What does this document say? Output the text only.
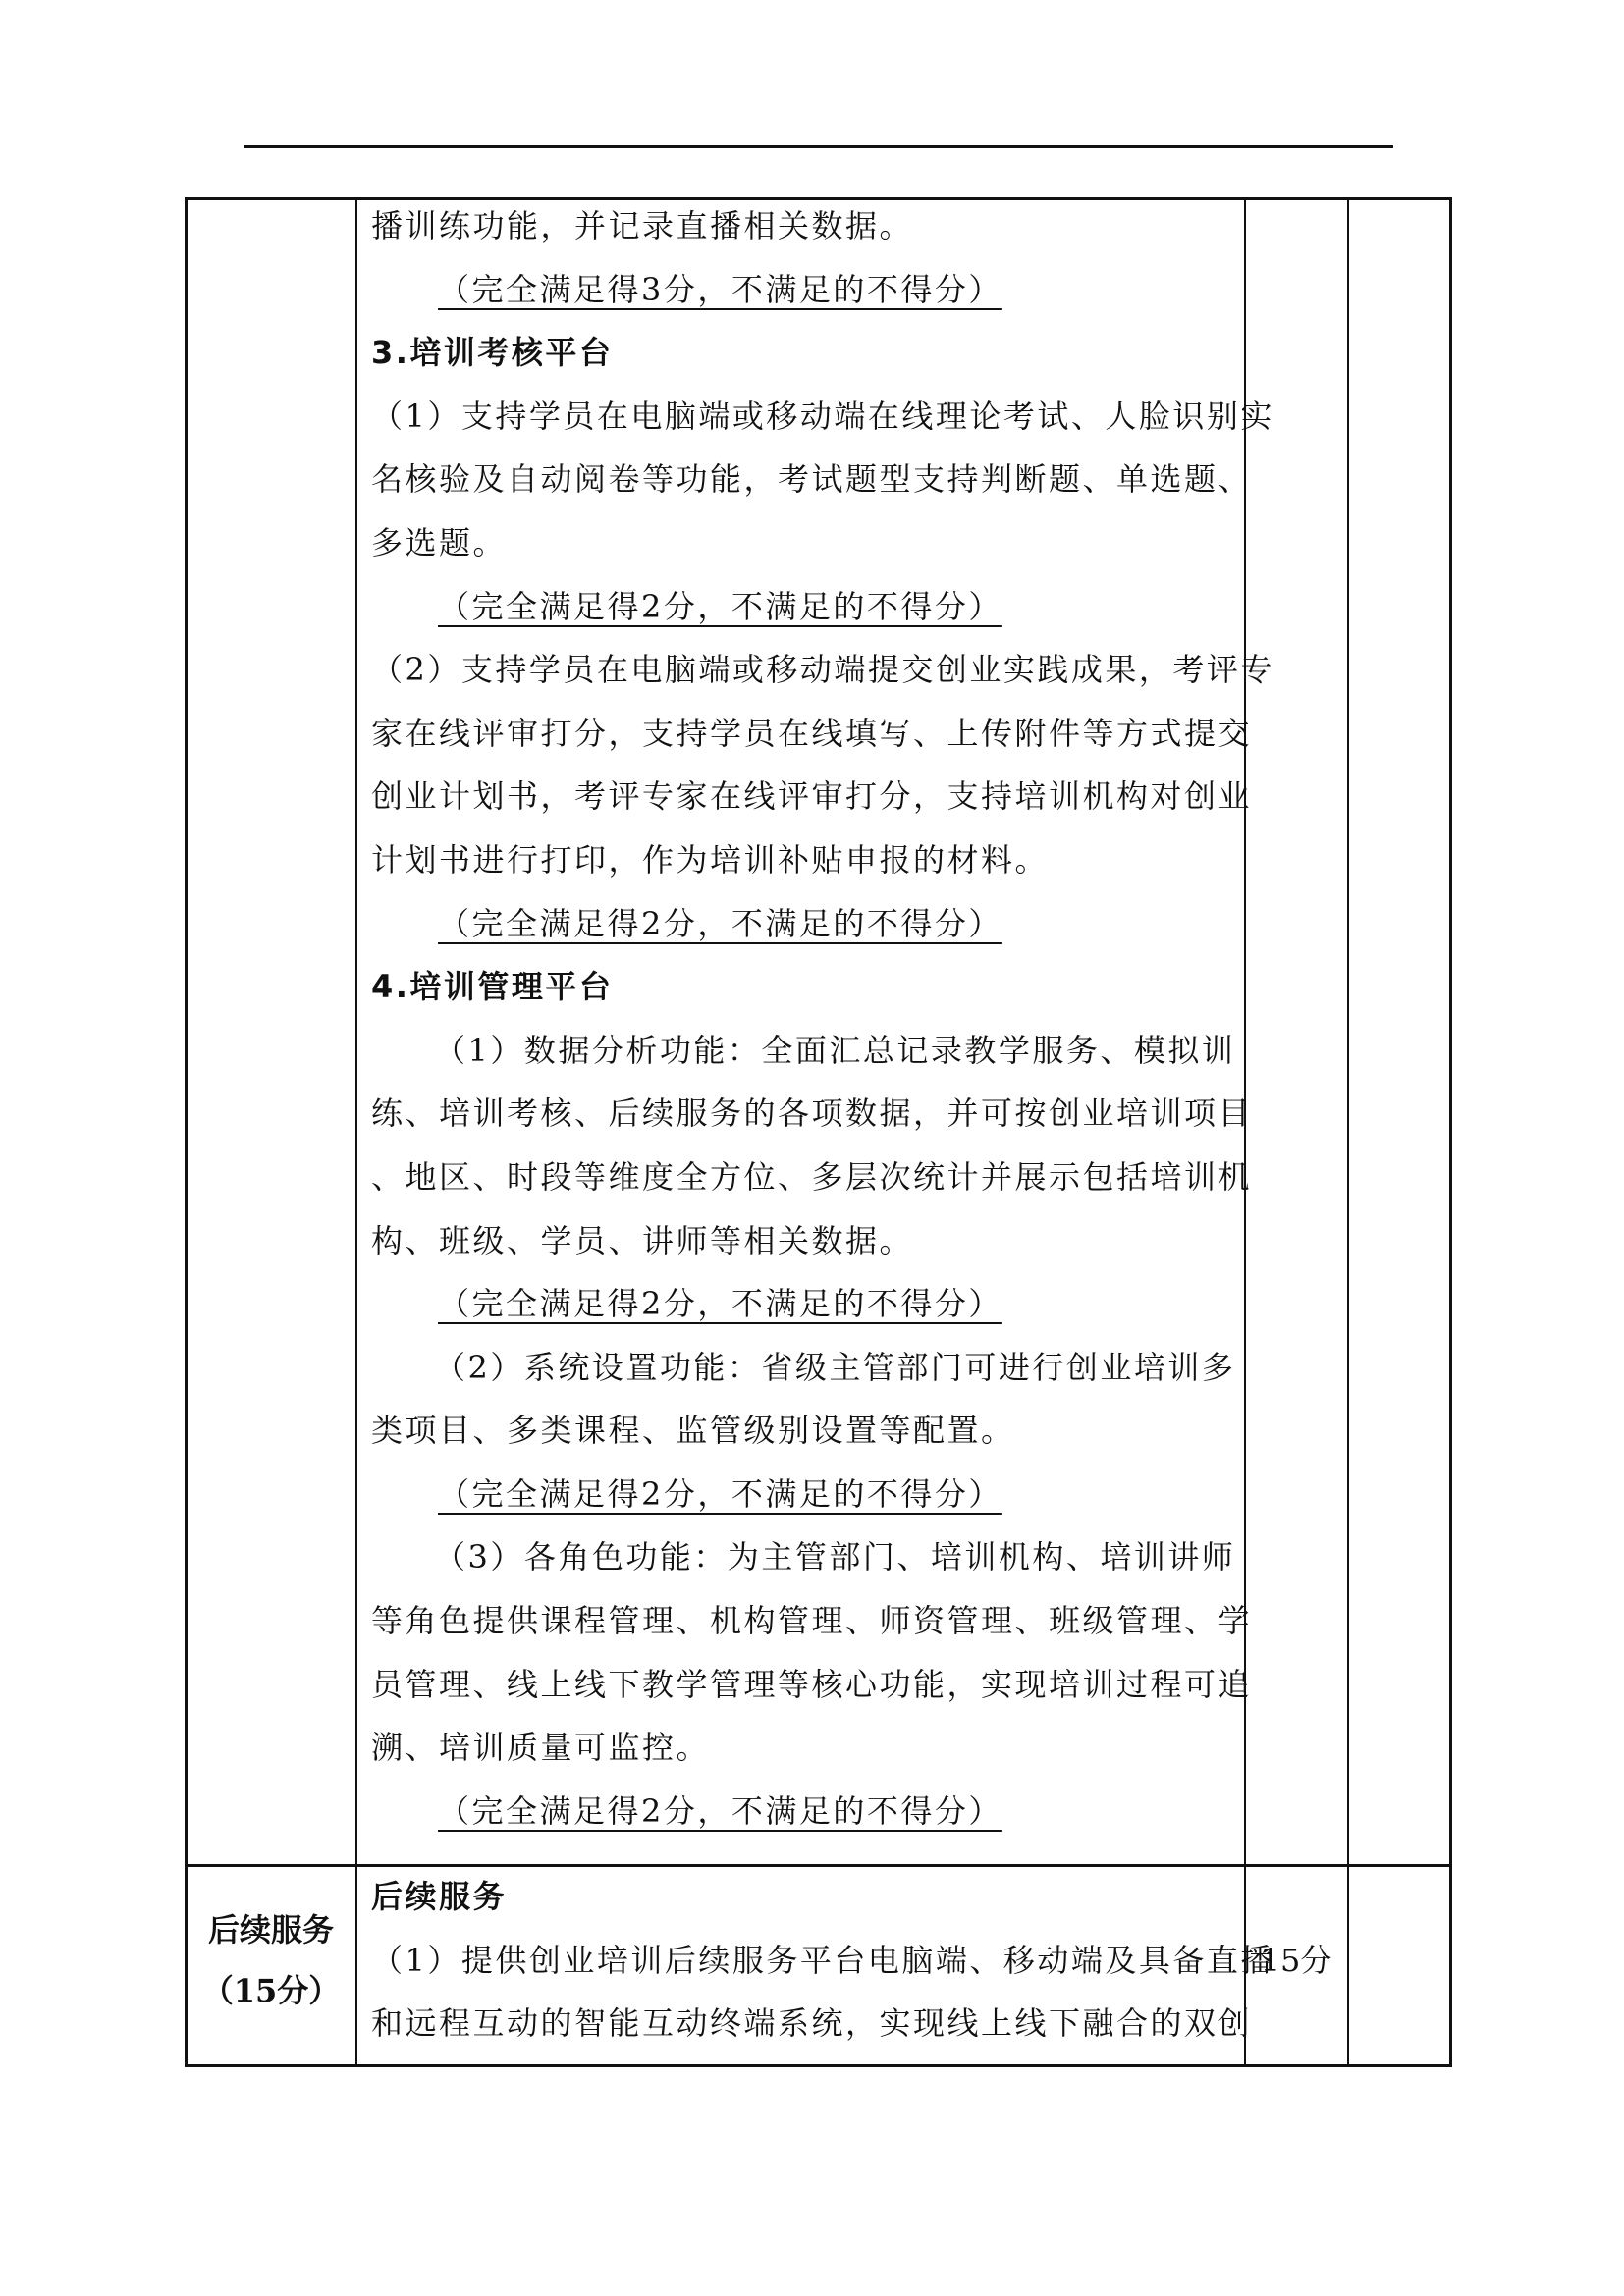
播训练功能，并记录直播相关数据。
（完全满足得3分，不满足的不得分）
3.培训考核平台
（1）支持学员在电脑端或移动端在线理论考试、人脸识别实
名核验及自动阅卷等功能，考试题型支持判断题、单选题、
多选题。
（完全满足得2分，不满足的不得分）
（2）支持学员在电脑端或移动端提交创业实践成果，考评专
家在线评审打分，支持学员在线填写、上传附件等方式提交
创业计划书，考评专家在线评审打分，支持培训机构对创业
计划书进行打印，作为培训补贴申报的材料。
（完全满足得2分，不满足的不得分）
4.培训管理平台
（1）数据分析功能：全面汇总记录教学服务、模拟训
练、培训考核、后续服务的各项数据，并可按创业培训项目
、地区、时段等维度全方位、多层次统计并展示包括培训机
构、班级、学员、讲师等相关数据。
（完全满足得2分，不满足的不得分）
（2）系统设置功能：省级主管部门可进行创业培训多
类项目、多类课程、监管级别设置等配置。
（完全满足得2分，不满足的不得分）
（3）各角色功能：为主管部门、培训机构、培训讲师
等角色提供课程管理、机构管理、师资管理、班级管理、学
员管理、线上线下教学管理等核心功能，实现培训过程可追
溯、培训质量可监控。
（完全满足得2分，不满足的不得分）
后续服务
（15分）
后续服务
（1）提供创业培训后续服务平台电脑端、移动端及具备直播
和远程互动的智能互动终端系统，实现线上线下融合的双创
15分
